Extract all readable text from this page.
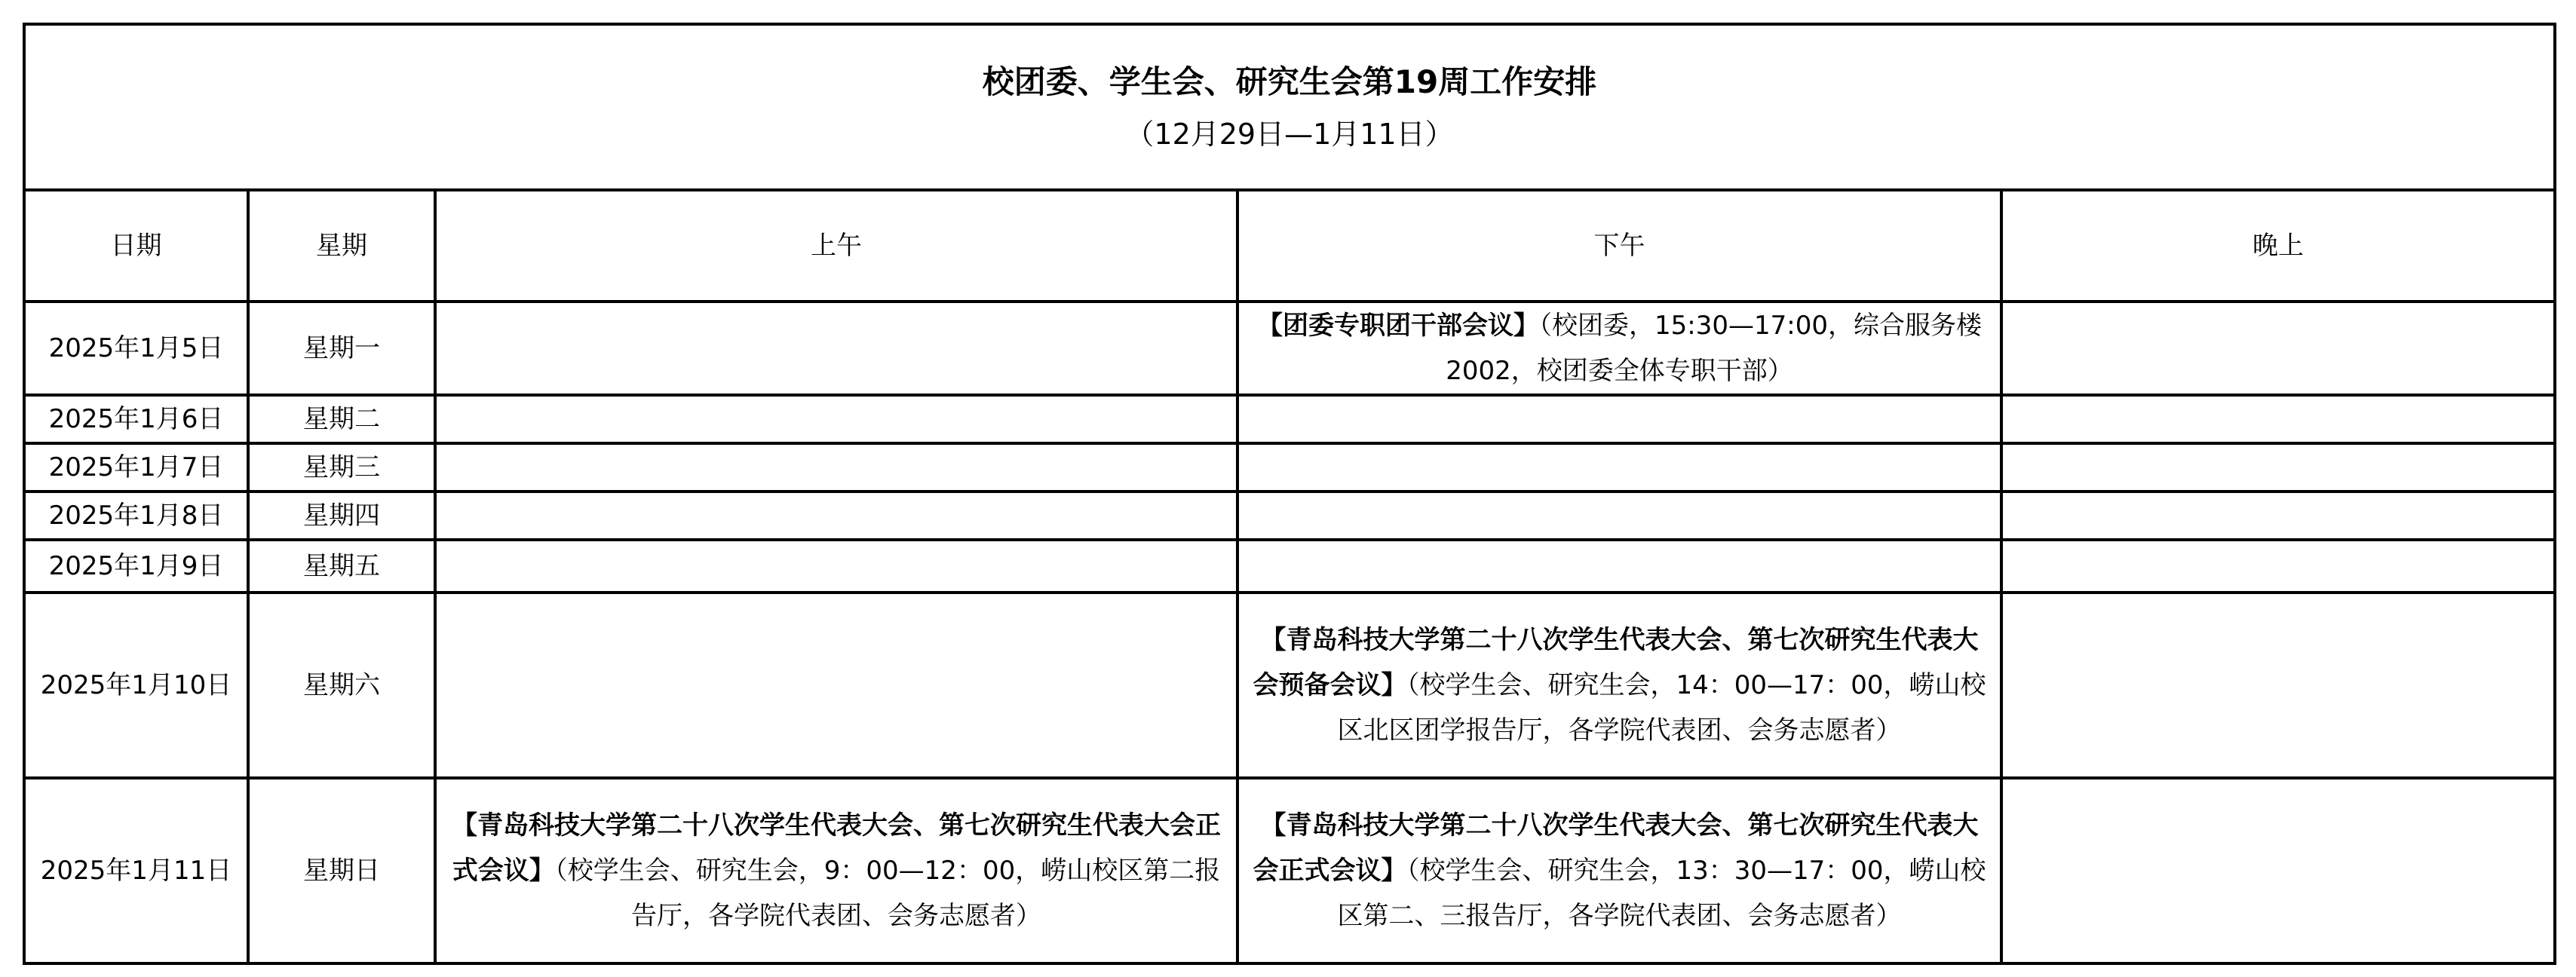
校团委、学生会、研究生会第19周工作安排
（12月29日—1月11日）				

日期	星期	上午	下午	晚上
2025年1月5日	星期一		【团委专职团干部会议】（校团委，15:30—17:00，综合服务楼2002，校团委全体专职干部）	
2025年1月6日	星期二			
2025年1月7日	星期三			
2025年1月8日	星期四			
2025年1月9日	星期五			
2025年1月10日	星期六		【青岛科技大学第二十八次学生代表大会、第七次研究生代表大会预备会议】（校学生会、研究生会，14：00—17：00，崂山校区北区团学报告厅，各学院代表团、会务志愿者）	
2025年1月11日	星期日	【青岛科技大学第二十八次学生代表大会、第七次研究生代表大会正式会议】（校学生会、研究生会，9：00—12：00，崂山校区第二报告厅，各学院代表团、会务志愿者）	【青岛科技大学第二十八次学生代表大会、第七次研究生代表大会正式会议】（校学生会、研究生会，13：30—17：00，崂山校区第二、三报告厅，各学院代表团、会务志愿者）	
